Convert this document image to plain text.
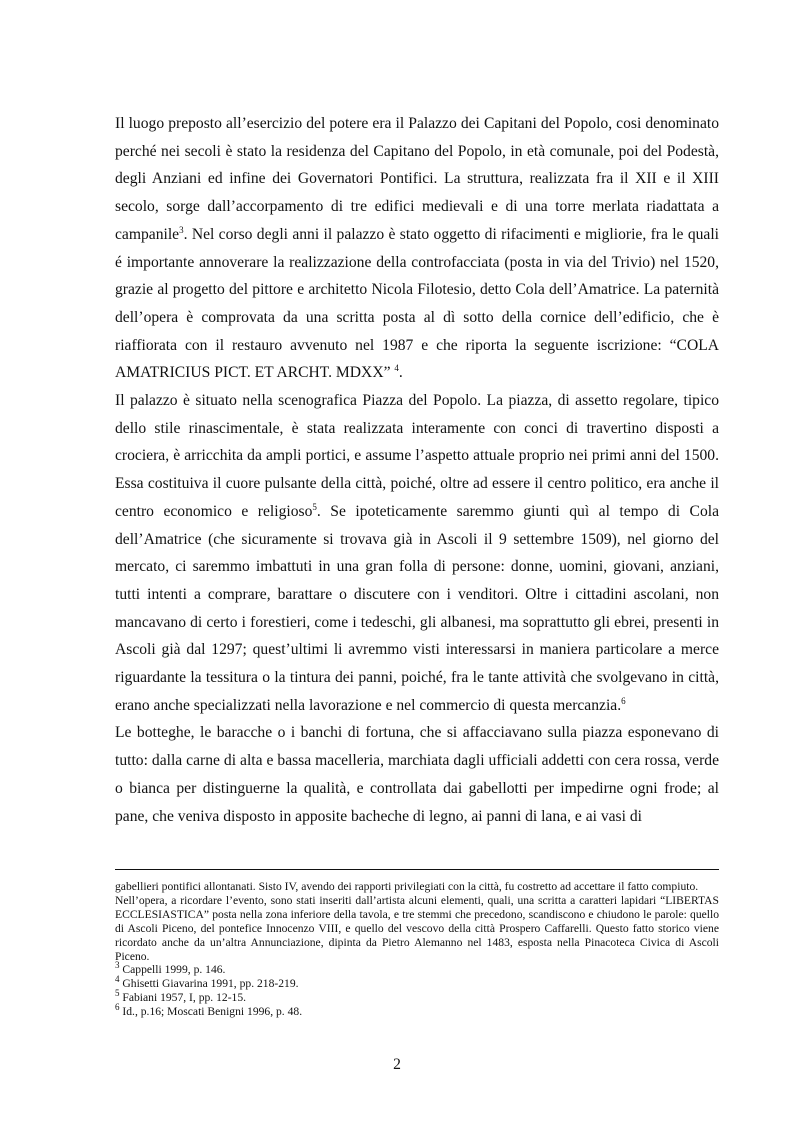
Il luogo preposto all’esercizio del potere era il Palazzo dei Capitani del Popolo, cosi denominato perché nei secoli è stato la residenza del Capitano del Popolo, in età comunale, poi del Podestà, degli Anziani ed infine dei Governatori Pontifici. La struttura, realizzata fra il XII e il XIII secolo, sorge dall’accorpamento di tre edifici medievali e di una torre merlata riadattata a campanile$^3$. Nel corso degli anni il palazzo è stato oggetto di rifacimenti e migliorie, fra le quali é importante annoverare la realizzazione della controfacciata (posta in via del Trivio) nel 1520, grazie al progetto del pittore e architetto Nicola Filotesio, detto Cola dell’Amatrice. La paternità dell’opera è comprovata da una scritta posta al dì sotto della cornice dell’edificio, che è riaffiorata con il restauro avvenuto nel 1987 e che riporta la seguente iscrizione: “COLA AMATRICIUS PICT. ET ARCHT. MDXX” $^4$.

Il palazzo è situato nella scenografica Piazza del Popolo. La piazza, di assetto regolare, tipico dello stile rinascimentale, è stata realizzata interamente con conci di travertino disposti a crociera, è arricchita da ampli portici, e assume l’aspetto attuale proprio nei primi anni del 1500. Essa costituiva il cuore pulsante della città, poiché, oltre ad essere il centro politico, era anche il centro economico e religioso$^5$. Se ipoteticamente saremmo giunti quì al tempo di Cola dell’Amatrice (che sicuramente si trovava già in Ascoli il 9 settembre 1509), nel giorno del mercato, ci saremmo imbattuti in una gran folla di persone: donne, uomini, giovani, anziani, tutti intenti a comprare, barattare o discutere con i venditori. Oltre i cittadini ascolani, non mancavano di certo i forestieri, come i tedeschi, gli albanesi, ma soprattutto gli ebrei, presenti in Ascoli già dal 1297; quest’ultimi li avremmo visti interessarsi in maniera particolare a merce riguardante la tessitura o la tintura dei panni, poiché, fra le tante attività che svolgevano in città, erano anche specializzati nella lavorazione e nel commercio di questa mercanzia.$^6$

Le botteghe, le baracche o i banchi di fortuna, che si affacciavano sulla piazza esponevano di tutto: dalla carne di alta e bassa macelleria, marchiata dagli ufficiali addetti con cera rossa, verde o bianca per distinguerne la qualità, e controllata dai gabellotti per impedirne ogni frode; al pane, che veniva disposto in apposite bacheche di legno, ai panni di lana, e ai vasi di

gabellieri pontifici allontanati. Sisto IV, avendo dei rapporti privilegiati con la città, fu costretto ad accettare il fatto compiuto.

Nell’opera, a ricordare l’evento, sono stati inseriti dall’artista alcuni elementi, quali, una scritta a caratteri lapidari “LIBERTAS ECCLESIASTICA” posta nella zona inferiore della tavola, e tre stemmi che precedono, scandiscono e chiudono le parole: quello di Ascoli Piceno, del pontefice Innocenzo VIII, e quello del vescovo della città Prospero Caffarelli. Questo fatto storico viene ricordato anche da un’altra Annunciazione, dipinta da Pietro Alemanno nel 1483, esposta nella Pinacoteca Civica di Ascoli Piceno.

$^3$ Cappelli 1999, p. 146.

$^4$ Ghisetti Giavarina 1991, pp. 218-219.

$^5$ Fabiani 1957, I, pp. 12-15.

$^6$ Id., p.16; Moscati Benigni 1996, p. 48.

2
